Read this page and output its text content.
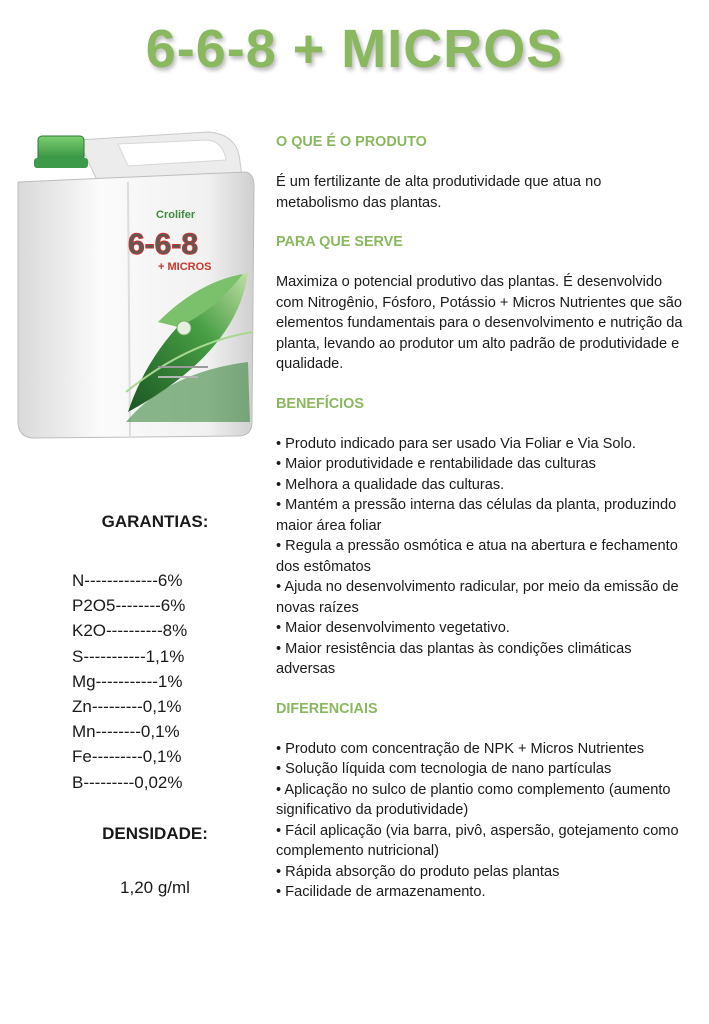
6-6-8 + MICROS
Crolifer
6-6-8
+ MICROS
GARANTIAS:
N-------------6%
P2O5--------6%
K2O----------8%
S-----------1,1%
Mg-----------1%
Zn---------0,1%
Mn--------0,1%
Fe---------0,1%
B---------0,02%
DENSIDADE:
1,20 g/ml
O QUE É O PRODUTO
É um fertilizante de alta produtividade que atua no metabolismo das plantas.
PARA QUE SERVE
Maximiza o potencial produtivo das plantas. É desenvolvido com Nitrogênio, Fósforo, Potássio + Micros Nutrientes que são elementos fundamentais para o desenvolvimento e nutrição da planta, levando ao produtor um alto padrão de produtividade e qualidade.
BENEFÍCIOS
• Produto indicado para ser usado Via Foliar e Via Solo.
• Maior produtividade e rentabilidade das culturas
• Melhora a qualidade das culturas.
• Mantém a pressão interna das células da planta, produzindo maior área foliar
• Regula a pressão osmótica e atua na abertura e fechamento dos estômatos
• Ajuda no desenvolvimento radicular, por meio da emissão de novas raízes
• Maior desenvolvimento vegetativo.
• Maior resistência das plantas às condições climáticas adversas
DIFERENCIAIS
• Produto com concentração de NPK + Micros Nutrientes
• Solução líquida com tecnologia de nano partículas
• Aplicação no sulco de plantio como complemento (aumento significativo da produtividade)
• Fácil aplicação (via barra, pivô, aspersão, gotejamento como complemento nutricional)
• Rápida absorção do produto pelas plantas
• Facilidade de armazenamento.
